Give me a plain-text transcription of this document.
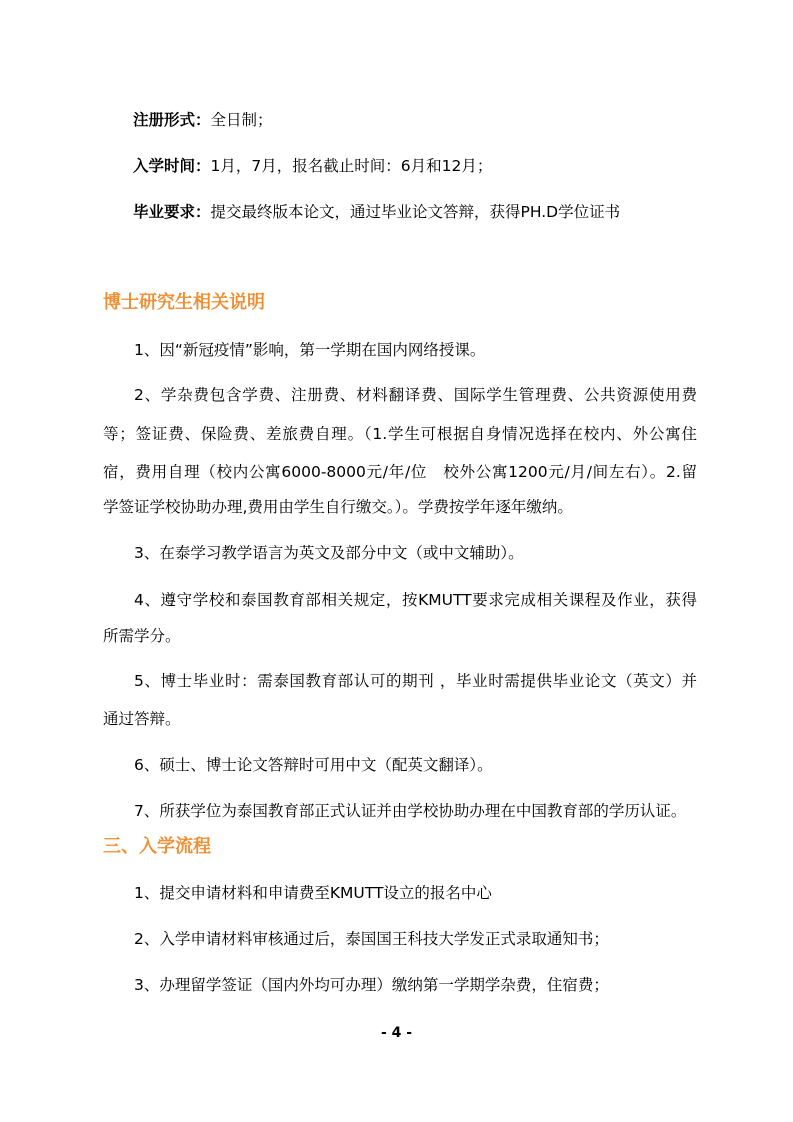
注册形式：全日制；
入学时间：1月，7月，报名截止时间：6月和12月；
毕业要求：提交最终版本论文，通过毕业论文答辩，获得PH.D学位证书
博士研究生相关说明
1、因“新冠疫情”影响，第一学期在国内网络授课。
2、学杂费包含学费、注册费、材料翻译费、国际学生管理费、公共资源使用费
等；签证费、保险费、差旅费自理。（1.学生可根据自身情况选择在校内、外公寓住
宿，费用自理（校内公寓6000-8000元/年/位　校外公寓1200元/月/间左右）。2.留
学签证学校协助办理,费用由学生自行缴交。）。学费按学年逐年缴纳。
3、在泰学习教学语言为英文及部分中文（或中文辅助）。
4、遵守学校和泰国教育部相关规定，按KMUTT要求完成相关课程及作业，获得
所需学分。
5、博士毕业时：需泰国教育部认可的期刊 ，毕业时需提供毕业论文（英文）并
通过答辩。
6、硕士、博士论文答辩时可用中文（配英文翻译）。
7、所获学位为泰国教育部正式认证并由学校协助办理在中国教育部的学历认证。
三、入学流程
1、提交申请材料和申请费至KMUTT设立的报名中心
2、入学申请材料审核通过后，泰国国王科技大学发正式录取通知书；
3、办理留学签证（国内外均可办理）缴纳第一学期学杂费，住宿费；
- 4 -
